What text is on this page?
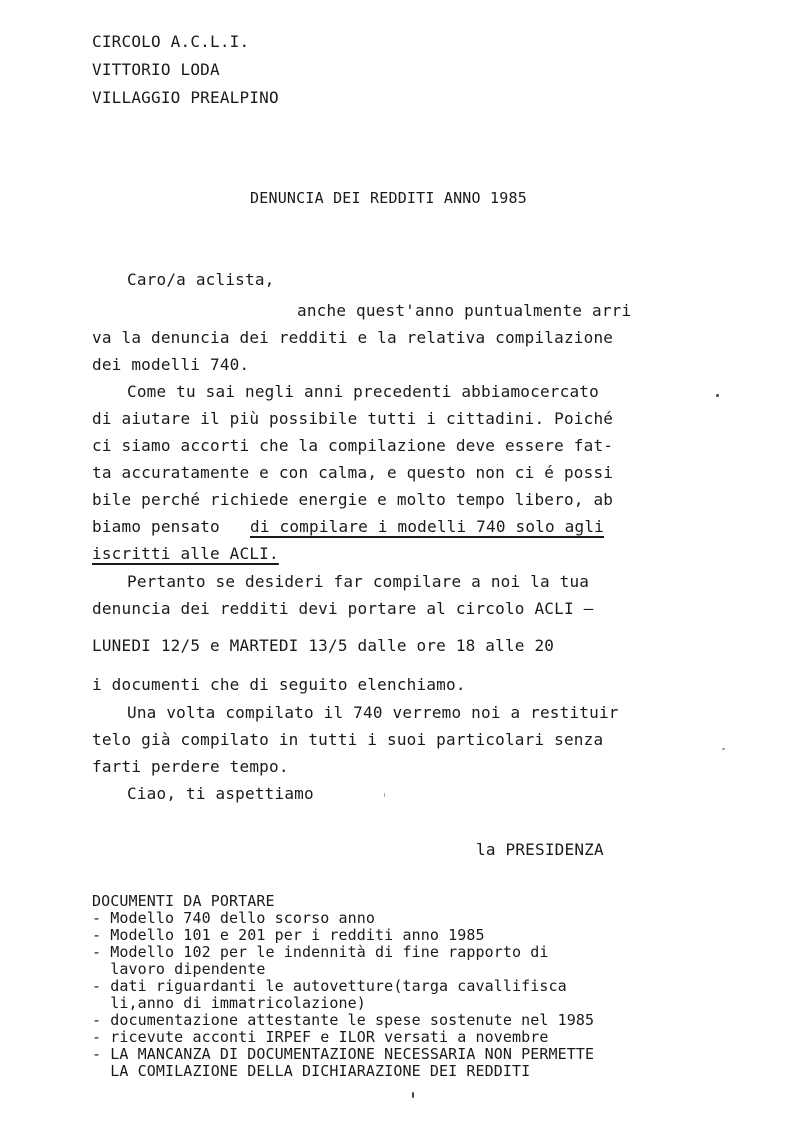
CIRCOLO A.C.L.I.
VITTORIO LODA
VILLAGGIO PREALPINO
DENUNCIA DEI REDDITI ANNO 1985
Caro/a aclista,
anche quest'anno puntualmente arri
va la denuncia dei redditi e la relativa compilazione
dei modelli 740.
Come tu sai negli anni precedenti abbiamocercato
di aiutare il più possibile tutti i cittadini. Poiché
ci siamo accorti che la compilazione deve essere fat-
ta accuratamente e con calma, e questo non ci é possi
bile perché richiede energie e molto tempo libero, ab
biamo pensato di compilare i modelli 740 solo agli
iscritti alle ACLI.
Pertanto se desideri far compilare a noi la tua
denuncia dei redditi devi portare al circolo ACLI —
LUNEDI 12/5 e MARTEDI 13/5 dalle ore 18 alle 20
i documenti che di seguito elenchiamo.
Una volta compilato il 740 verremo noi a restituir
telo già compilato in tutti i suoi particolari senza
farti perdere tempo.
Ciao, ti aspettiamo
la PRESIDENZA
DOCUMENTI DA PORTARE
- Modello 740 dello scorso anno
- Modello 101 e 201 per i redditi anno 1985
- Modello 102 per le indennità di fine rapporto di
lavoro dipendente
- dati riguardanti le autovetture(targa cavallifisca
li,anno di immatricolazione)
- documentazione attestante le spese sostenute nel 1985
- ricevute acconti IRPEF e ILOR versati a novembre
- LA MANCANZA DI DOCUMENTAZIONE NECESSARIA NON PERMETTE
LA COMILAZIONE DELLA DICHIARAZIONE DEI REDDITI
